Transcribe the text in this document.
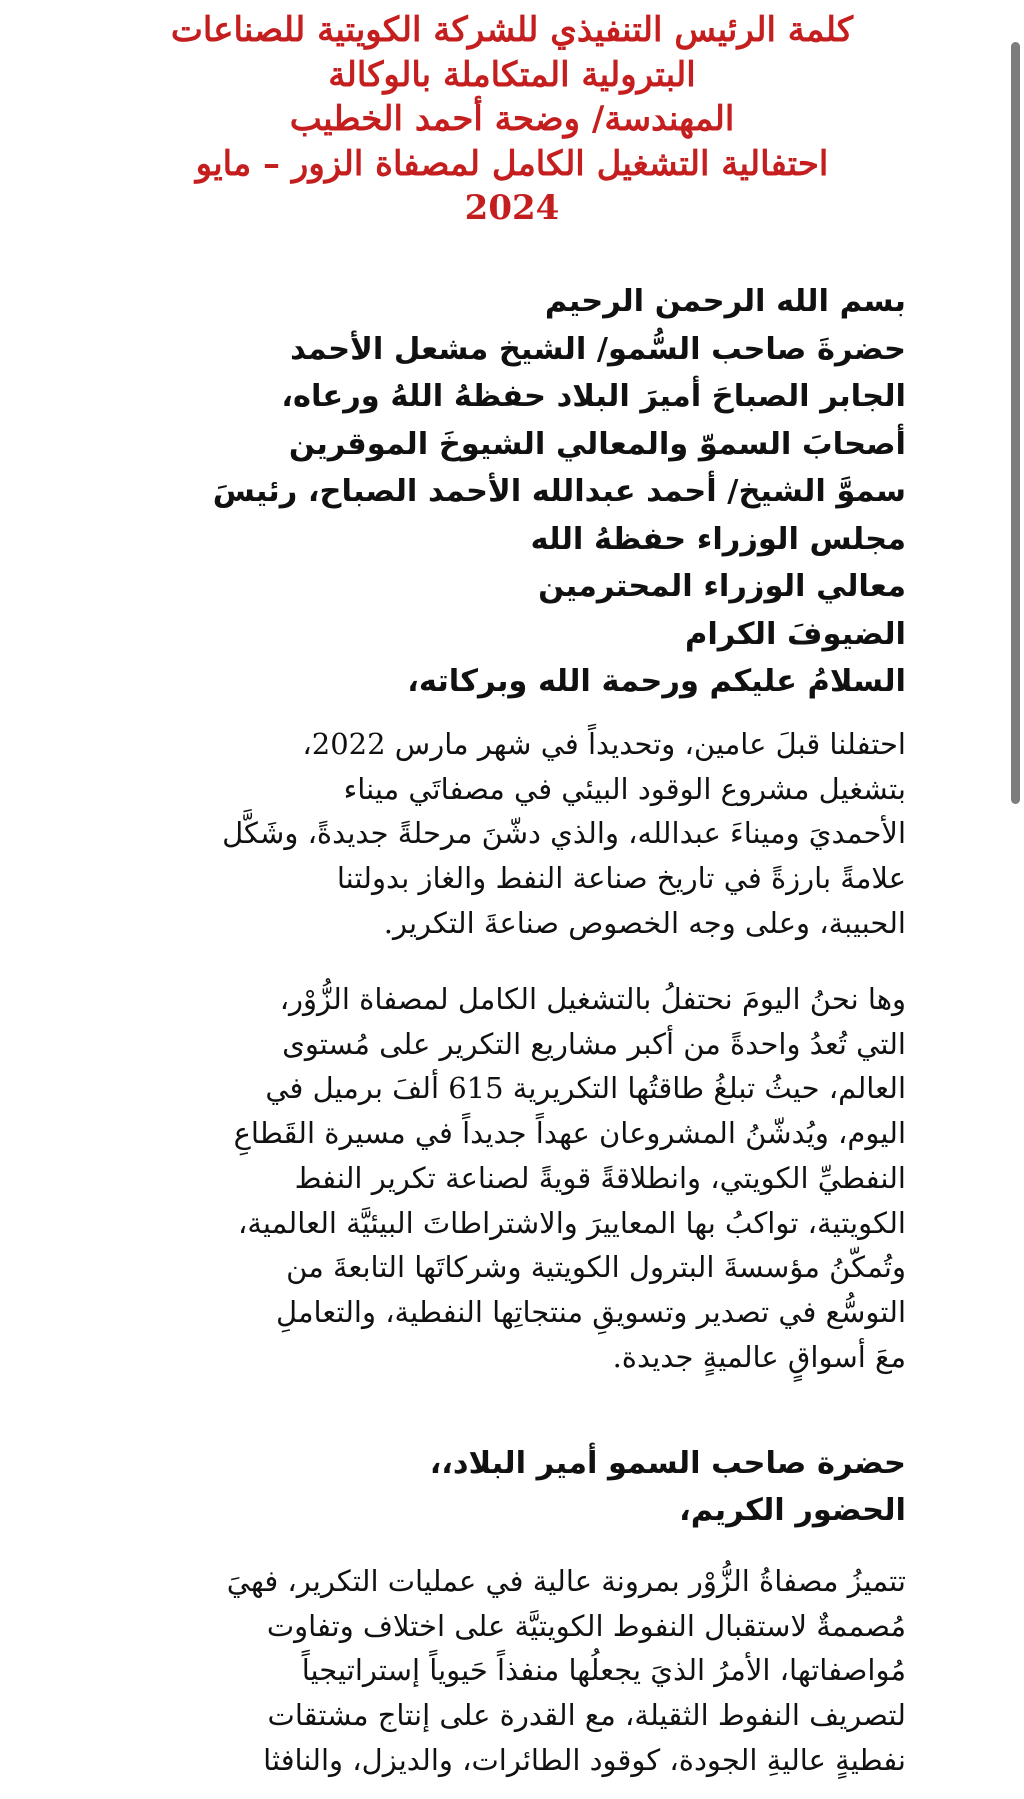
كلمة الرئيس التنفيذي للشركة الكويتية للصناعات
البترولية المتكاملة بالوكالة
المهندسة/ وضحة أحمد الخطيب
احتفالية التشغيل الكامل لمصفاة الزور – مايو
2024
بسم الله الرحمن الرحيم
حضرةَ صاحب السُّمو/ الشيخ مشعل الأحمد
الجابر الصباحَ أميرَ البلاد حفظهُ اللهُ ورعاه،
أصحابَ السموّ والمعالي الشيوخَ الموقرين
سموَّ الشيخ/ أحمد عبدالله الأحمد الصباح، رئيسَ
مجلس الوزراء حفظهُ الله
معالي الوزراء المحترمين
الضيوفَ الكرام
السلامُ عليكم ورحمة الله وبركاته،
احتفلنا قبلَ عامين، وتحديداً في شهر مارس 2022،
بتشغيل مشروع الوقود البيئي في مصفاتَي ميناء
الأحمديَ وميناءَ عبدالله، والذي دشّنَ مرحلةً جديدةً، وشَكَّل
علامةً بارزةً في تاريخ صناعة النفط والغاز بدولتنا
الحبيبة، وعلى وجه الخصوص صناعةَ التكرير.
وها نحنُ اليومَ نحتفلُ بالتشغيل الكامل لمصفاة الزُّوْر،
التي تُعدُ واحدةً من أكبر مشاريع التكرير على مُستوى
العالم، حيثُ تبلغُ طاقتُها التكريرية 615 ألفَ برميل في
اليوم، ويُدشّنُ المشروعان عهداً جديداً في مسيرة القَطاعِ
النفطيِّ الكويتي، وانطلاقةً قويةً لصناعة تكرير النفط
الكويتية، تواكبُ بها المعاييرَ والاشتراطاتَ البيئيَّة العالمية،
وتُمكّنُ مؤسسةَ البترول الكويتية وشركاتَها التابعةَ من
التوسُّع في تصدير وتسويقِ منتجاتِها النفطية، والتعاملِ
معَ أسواقٍ عالميةٍ جديدة.
حضرة صاحب السمو أمير البلاد،،
الحضور الكريم،
تتميزُ مصفاةُ الزُّوْر بمرونة عالية في عمليات التكرير، فهيَ
مُصممةٌ لاستقبال النفوط الكويتيَّة على اختلاف وتفاوت
مُواصفاتها، الأمرُ الذيَ يجعلُها منفذاً حَيوياً إستراتيجياً
لتصريف النفوط الثقيلة، مع القدرة على إنتاج مشتقات
نفطيةٍ عاليةِ الجودة، كوقود الطائرات، والديزل، والنافثا
